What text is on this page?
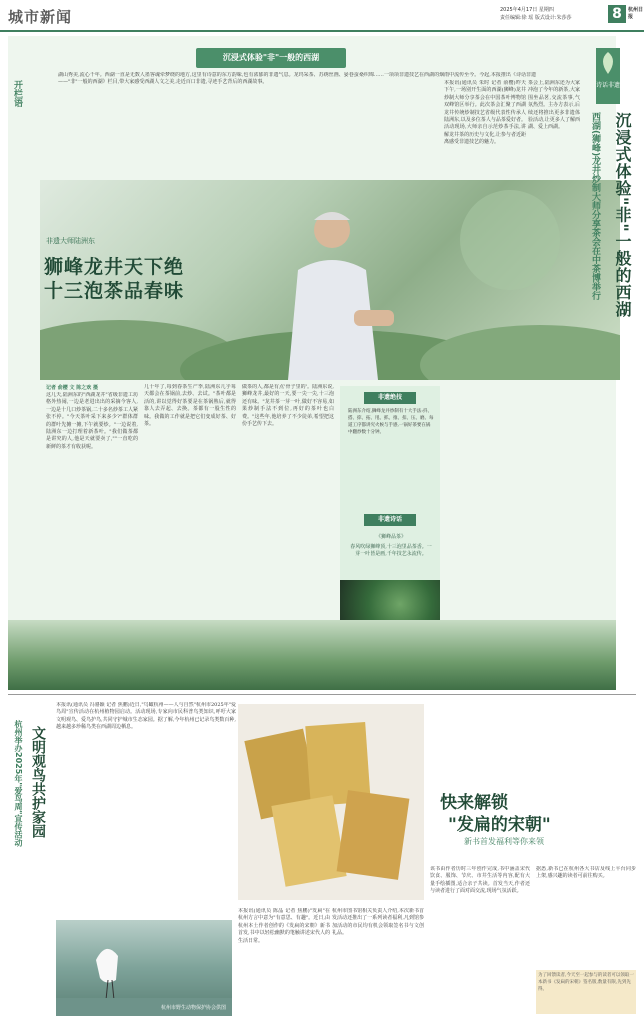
城市新闻	2025年4月17日 星期四
责任编辑:徐 瑶 版式设计:朱莎莎	8	杭州日报
开栏语
沉浸式体验"非"一般的西湖
湖山秀美,流心千年。西湖一直是无数人墨客魂牵梦绕的地方,这里有诗意的东方韵味,也有浓郁的非遗气息。龙坞采茶、苏绣丝画、晏巷蚕桑织锦……一项项非遗技艺在西湖的烟雨中流传至今。今起,本报推出《诗话非遗——"非"一般的西湖》栏目,带大家感受西湖人文之美,走近百口非遗,寻迹手艺背后的西湖故事。
非遗大师陆洲东
狮峰龙井天下绝
十三泡茶品春味
诗话非遗
沉浸式体验"非"一般的西湖
西湖(狮峰)龙井炒制大师分享茶会在中茶博举行
记者 俞樱 文 陈之欢 摄
这几天,陆洲东的"西湖龙井"省级非遗工坊格外热闹,一边是老进出出的采摘今客人,一边是十几口炒茶锅,二十多名炒茶工人紧张不停。"今天茶叶采下来多少?"群体群的群叶先摊一摊,下午就要炒。"一边说着,陆洲东一边打理着新茶叶。"我们做茶都是讲究的人,他是天就要卖了,""一直吃的新鲜的茶才有收获呢。
几十年了,每到春茶生产季,陆洲东几乎每天都会在茶锅前,去炒、去试。"茶叶都是活的,讲以觉得好茶要是在茶锅熟后,就得靠人去弄起、去换。茶都有一股生性的味。我做的工作就是把它们变成好茶、好茶。
做茶的人,都是有点'骨子里的'。陆洲东说,狮峰龙井,最好的一天,要一尖一尖,十三泡还有味。"龙井茶一芽一叶,做好不容易,如果炒制手法不到位,再好的茶叶也白费。"这些年,他培养了不少徒弟,希望把这份手艺传下去。
非遗绝技
陆洲东介绍,狮峰龙井炒制有十大手法:抖、搭、捺、拓、甩、抓、推、扣、压、磨。每道工序都讲究火候与手感,一锅好茶要在锅中翻炒数十分钟。
非遗诗话
《狮峰品茶》
春风吹绿狮峰顶,十三泡里品茶香。一芽一叶皆是画,千年技艺永流传。
本报讯(通讯员 朱时 记者 俞樱)昨天下午,一场别开生面的西湖(狮峰)龙井炒制大师分享茶会在中国茶叶博物馆双峰馆区举行。此次茶会汇聚了西湖龙井传统炒制技艺省级代表性传承人陆洲东,以及多位茶人与品茶爱好者。活动现场,大师亲自示范炒茶手法,讲解龙井茶的历史与文化,让参与者近距离感受非遗技艺的魅力。
茶会上,陆洲东还为大家冲泡了今年的新茶,大家围坐品茗,交流茶事,气氛热烈。主办方表示,后续还将推出更多非遗体验活动,让更多人了解西湖、爱上西湖。
杭州举办2025年"爱鸟周"宣传活动 文明观鸟共护家园
本报讯(通讯员 冯骆颖 记者 焦鹏)近日,"鸟瞰杭州——人与自然"杭州市2025年"爱鸟周"宣传活动在杭州植物园启动。活动现场,专家向市民科普鸟类知识,呼吁大家文明观鸟、爱鸟护鸟,共同守护城市生态家园。据了解,今年杭州已记录鸟类数百种,越来越多珍稀鸟类在西湖周边栖息。
杭州市野生动物保护协会供图
快来解锁
"发扁的宋朝"
新书首发福利等你来领
本报讯(通讯员 陈晶 记者 焦鹏)"发扁"在杭州方言中意为"有意思、有趣"。近日,由杭州本土作者创作的《发扁的宋朝》新书首发,书中以轻松幽默的笔触讲述宋代人的生活日常。
杭州市图书馆相关负责人介绍,本次新书首发活动还推出了一系列读者福利,凡到馆参加活动的市民均有机会领取签名书与文创礼品。
该书由作者历时三年创作完成,书中涵盖宋代饮食、服饰、节庆、市井生活等内容,配有大量手绘插图,适合亲子共读。首发当天,作者还与读者进行了面对面交流,现场气氛活跃。
据悉,新书已在杭州各大书店及线上平台同步上架,感兴趣的读者可前往购买。
为了回馈读者,今天至一起参与的读者可以领取一本新书《发扁的宋朝》签名版,数量有限,先到先得。
